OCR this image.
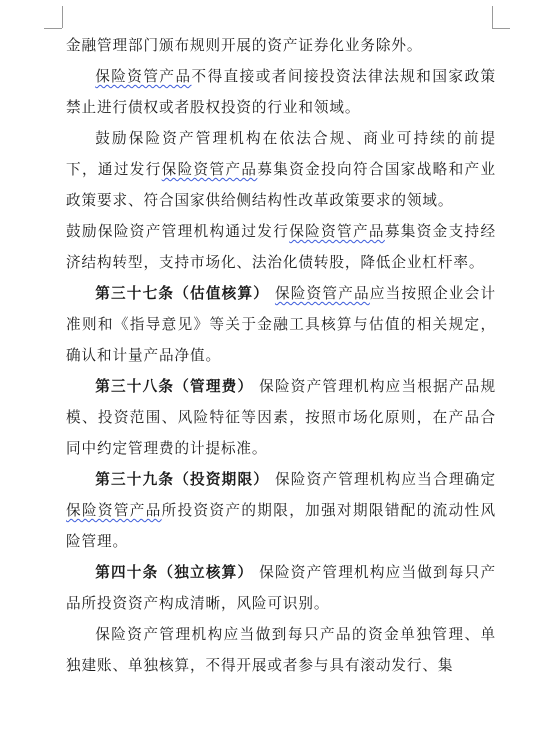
金融管理部门颁布规则开展的资产证券化业务除外。

保险资管产品不得直接或者间接投资法律法规和国家政策禁止进行债权或者股权投资的行业和领域。

鼓励保险资产管理机构在依法合规、商业可持续的前提下，通过发行保险资管产品募集资金投向符合国家战略和产业政策要求、符合国家供给侧结构性改革政策要求的领域。

鼓励保险资产管理机构通过发行保险资管产品募集资金支持经济结构转型，支持市场化、法治化债转股，降低企业杠杆率。

第三十七条（估值核算） 保险资管产品应当按照企业会计准则和《指导意见》等关于金融工具核算与估值的相关规定，确认和计量产品净值。

第三十八条（管理费） 保险资产管理机构应当根据产品规模、投资范围、风险特征等因素，按照市场化原则，在产品合同中约定管理费的计提标准。

第三十九条（投资期限） 保险资产管理机构应当合理确定保险资管产品所投资资产的期限，加强对期限错配的流动性风险管理。

第四十条（独立核算） 保险资产管理机构应当做到每只产品所投资资产构成清晰，风险可识别。

保险资产管理机构应当做到每只产品的资金单独管理、单独建账、单独核算，不得开展或者参与具有滚动发行、集
